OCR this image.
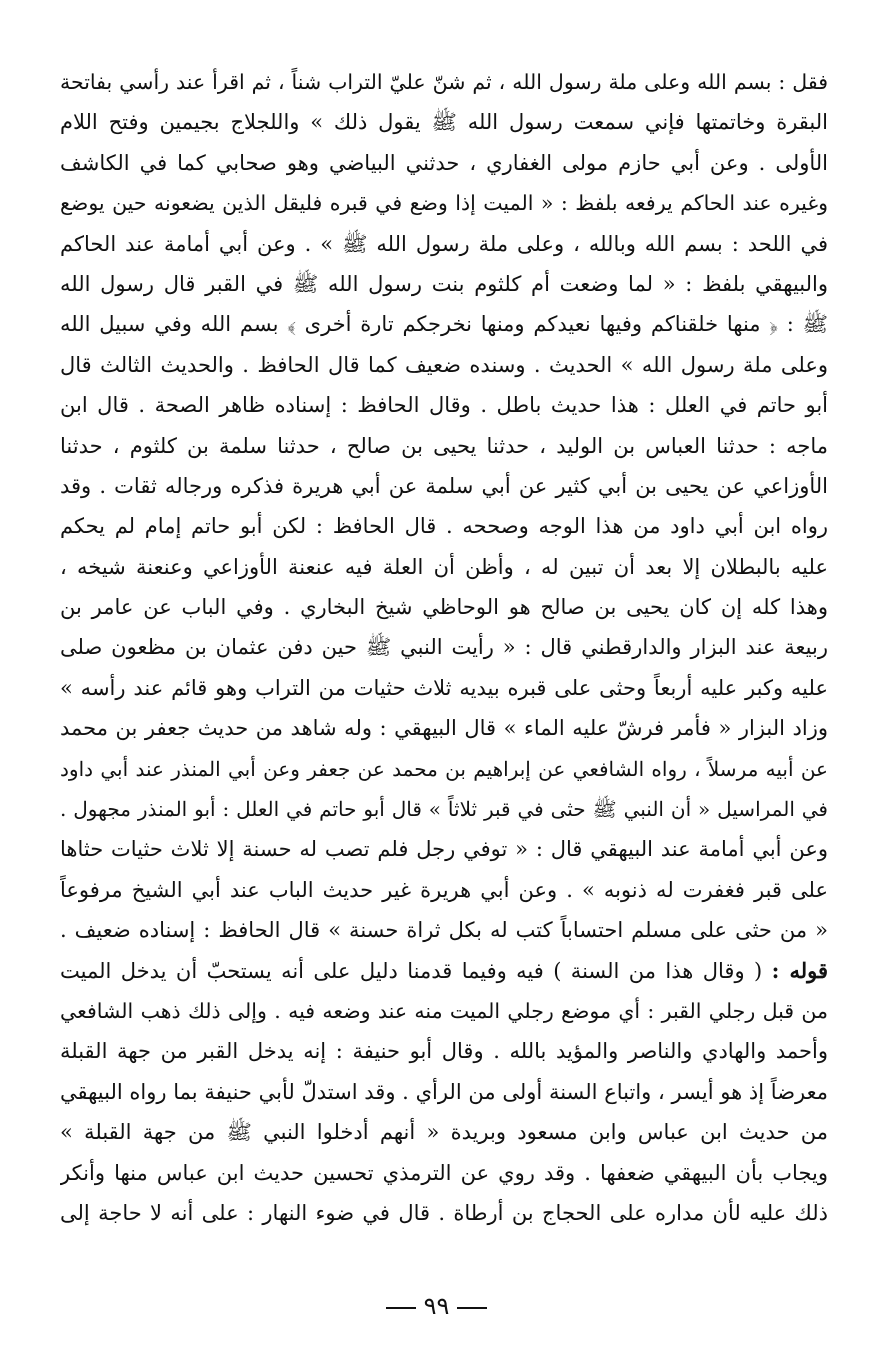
فقل : بسم الله وعلى ملة رسول الله ، ثم شنّ عليّ التراب شناً ، ثم اقرأ عند رأسي بفاتحة
البقرة وخاتمتها فإني سمعت رسول الله ﷺ يقول ذلك » واللجلاج بجيمين وفتح اللام
الأولى . وعن أبي حازم مولى الغفاري ، حدثني البياضي وهو صحابي كما في الكاشف
وغيره عند الحاكم يرفعه بلفظ : « الميت إذا وضع في قبره فليقل الذين يضعونه حين يوضع
في اللحد : بسم الله وبالله ، وعلى ملة رسول الله ﷺ » . وعن أبي أمامة عند الحاكم
والبيهقي بلفظ : « لما وضعت أم كلثوم بنت رسول الله ﷺ في القبر قال رسول الله
ﷺ : ﴿ منها خلقناكم وفيها نعيدكم ومنها نخرجكم تارة أخرى ﴾ بسم الله وفي سبيل الله
وعلى ملة رسول الله » الحديث . وسنده ضعيف كما قال الحافظ . والحديث الثالث قال
أبو حاتم في العلل : هذا حديث باطل . وقال الحافظ : إسناده ظاهر الصحة . قال ابن
ماجه : حدثنا العباس بن الوليد ، حدثنا يحيى بن صالح ، حدثنا سلمة بن كلثوم ، حدثنا
الأوزاعي عن يحيى بن أبي كثير عن أبي سلمة عن أبي هريرة فذكره ورجاله ثقات . وقد
رواه ابن أبي داود من هذا الوجه وصححه . قال الحافظ : لكن أبو حاتم إمام لم يحكم
عليه بالبطلان إلا بعد أن تبين له ، وأظن أن العلة فيه عنعنة الأوزاعي وعنعنة شيخه ،
وهذا كله إن كان يحيى بن صالح هو الوحاظي شيخ البخاري . وفي الباب عن عامر بن
ربيعة عند البزار والدارقطني قال : « رأيت النبي ﷺ حين دفن عثمان بن مظعون صلى
عليه وكبر عليه أربعاً وحثى على قبره بيديه ثلاث حثيات من التراب وهو قائم عند رأسه »
وزاد البزار « فأمر فرشّ عليه الماء » قال البيهقي : وله شاهد من حديث جعفر بن محمد
عن أبيه مرسلاً ، رواه الشافعي عن إبراهيم بن محمد عن جعفر وعن أبي المنذر عند أبي داود
في المراسيل « أن النبي ﷺ حثى في قبر ثلاثاً » قال أبو حاتم في العلل : أبو المنذر مجهول .
وعن أبي أمامة عند البيهقي قال : « توفي رجل فلم تصب له حسنة إلا ثلاث حثيات حثاها
على قبر فغفرت له ذنوبه » . وعن أبي هريرة غير حديث الباب عند أبي الشيخ مرفوعاً
« من حثى على مسلم احتساباً كتب له بكل ثراة حسنة » قال الحافظ : إسناده ضعيف .
قوله : ( وقال هذا من السنة ) فيه وفيما قدمنا دليل على أنه يستحبّ أن يدخل الميت
من قبل رجلي القبر : أي موضع رجلي الميت منه عند وضعه فيه . وإلى ذلك ذهب الشافعي
وأحمد والهادي والناصر والمؤيد بالله . وقال أبو حنيفة : إنه يدخل القبر من جهة القبلة
معرضاً إذ هو أيسر ، واتباع السنة أولى من الرأي . وقد استدلّ لأبي حنيفة بما رواه البيهقي
من حديث ابن عباس وابن مسعود وبريدة « أنهم أدخلوا النبي ﷺ من جهة القبلة »
ويجاب بأن البيهقي ضعفها . وقد روي عن الترمذي تحسين حديث ابن عباس منها وأنكر
ذلك عليه لأن مداره على الحجاج بن أرطاة . قال في ضوء النهار : على أنه لا حاجة إلى
٩٩
